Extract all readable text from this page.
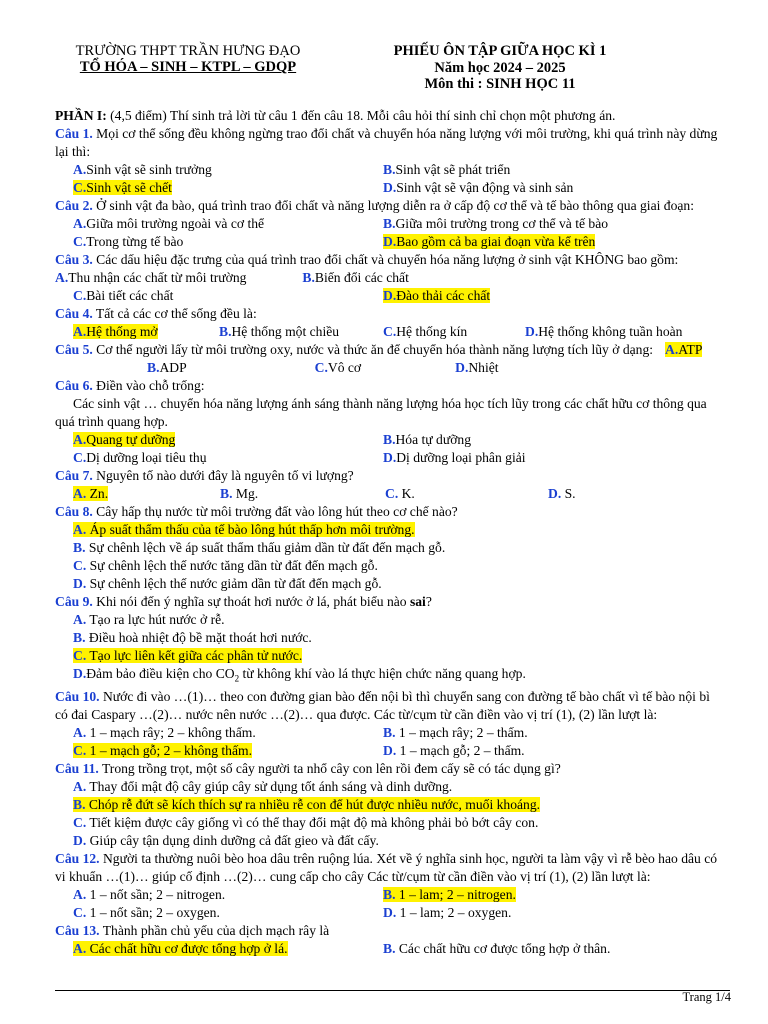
TRƯỜNG THPT TRẦN HƯNG ĐẠO
TỔ HÓA – SINH – KTPL – GDQP
PHIẾU ÔN TẬP GIỮA HỌC KÌ 1
Năm học 2024 – 2025
Môn thi : SINH HỌC 11

PHẦN I: (4,5 điểm) Thí sinh trả lời từ câu 1 đến câu 18. Mỗi câu hỏi thí sinh chỉ chọn một phương án.

Câu 1. Mọi cơ thể sống đều không ngừng trao đổi chất và chuyển hóa năng lượng với môi trường, khi quá trình này dừng lại thì:

A.Sinh vật sẽ sinh trưởng	B.Sinh vật sẽ phát triển
C.Sinh vật sẽ chết	D.Sinh vật sẽ vận động và sinh sản

Câu 2. Ở sinh vật đa bào, quá trình trao đổi chất và năng lượng diễn ra ở cấp độ cơ thể và tế bào thông qua giai đoạn:

A.Giữa môi trường ngoài và cơ thể	B.Giữa môi trường trong cơ thể và tế bào
C.Trong từng tế bào	D.Bao gồm cả ba giai đoạn vừa kể trên

Câu 3. Các dấu hiệu đặc trưng của quá trình trao đổi chất và chuyển hóa năng lượng ở sinh vật KHÔNG bao gồm:A.Thu nhận các chất từ môi trường	B.Biến đổi các chất

C.Bài tiết các chất	D.Đào thải các chất

Câu 4. Tất cả các cơ thể sống đều là:

A.Hệ thống mở	B.Hệ thống một chiều	C.Hệ thống kín	D.Hệ thống không tuần hoàn

Câu 5. Cơ thể người lấy từ môi trường oxy, nước và thức ăn để chuyển hóa thành năng lượng tích lũy ở dạng: A.ATPB.ADP	C.Vô cơ	D.Nhiệt

Câu 6. Điền vào chỗ trống:

Các sinh vật … chuyển hóa năng lượng ánh sáng thành năng lượng hóa học tích lũy trong các chất hữu cơ thông qua quá trình quang hợp.

A.Quang tự dưỡng	B.Hóa tự dưỡng
C.Dị dưỡng loại tiêu thụ	D.Dị dưỡng loại phân giải

Câu 7. Nguyên tố nào dưới đây là nguyên tố vi lượng?

A. Zn.	B. Mg.	C. K.	D. S.

Câu 8. Cây hấp thụ nước từ môi trường đất vào lông hút theo cơ chế nào?

A. Áp suất thẩm thấu của tế bào lông hút thấp hơn môi trường.
B. Sự chênh lệch về áp suất thẩm thấu giảm dần từ đất đến mạch gỗ.
C. Sự chênh lệch thế nước tăng dần từ đất đến mạch gỗ.
D. Sự chênh lệch thế nước giảm dần từ đất đến mạch gỗ.

Câu 9. Khi nói đến ý nghĩa sự thoát hơi nước ở lá, phát biểu nào sai?

A. Tạo ra lực hút nước ở rễ.
B. Điều hoà nhiệt độ bề mặt thoát hơi nước.
C. Tạo lực liên kết giữa các phân tử nước.
D.Đảm bảo điều kiện cho $CO_2$ từ không khí vào lá thực hiện chức năng quang hợp.

Câu 10. Nước đi vào …(1)… theo con đường gian bào đến nội bì thì chuyển sang con đường tế bào chất vì tế bào nội bì có đai Caspary …(2)… nước nên nước …(2)… qua được. Các từ/cụm từ cần điền vào vị trí (1), (2) lần lượt là:

A. 1 – mạch rây; 2 – không thấm.	B. 1 – mạch rây; 2 – thấm.
C. 1 – mạch gỗ; 2 – không thấm.	D. 1 – mạch gỗ; 2 – thấm.

Câu 11. Trong trồng trọt, một số cây người ta nhổ cây con lên rồi đem cấy sẽ có tác dụng gì?

A. Thay đổi mật độ cây giúp cây sử dụng tốt ánh sáng và dinh dưỡng.
B. Chóp rễ đứt sẽ kích thích sự ra nhiều rễ con để hút được nhiều nước, muối khoáng.
C. Tiết kiệm được cây giống vì có thể thay đổi mật độ mà không phải bỏ bớt cây con.
D. Giúp cây tận dụng dinh dưỡng cả đất gieo và đất cấy.

Câu 12. Người ta thường nuôi bèo hoa dâu trên ruộng lúa. Xét về ý nghĩa sinh học, người ta làm vậy vì rễ bèo hao dâu có vi khuẩn …(1)… giúp cố định …(2)… cung cấp cho cây Các từ/cụm từ cần điền vào vị trí (1), (2) lần lượt là:

A. 1 – nốt sần; 2 – nitrogen.	B. 1 – lam; 2 – nitrogen.
C. 1 – nốt sần; 2 – oxygen.	D. 1 – lam; 2 – oxygen.

Câu 13. Thành phần chủ yếu của dịch mạch rây là

A. Các chất hữu cơ được tổng hợp ở lá.	B. Các chất hữu cơ được tổng hợp ở thân.
Trang 1/4
